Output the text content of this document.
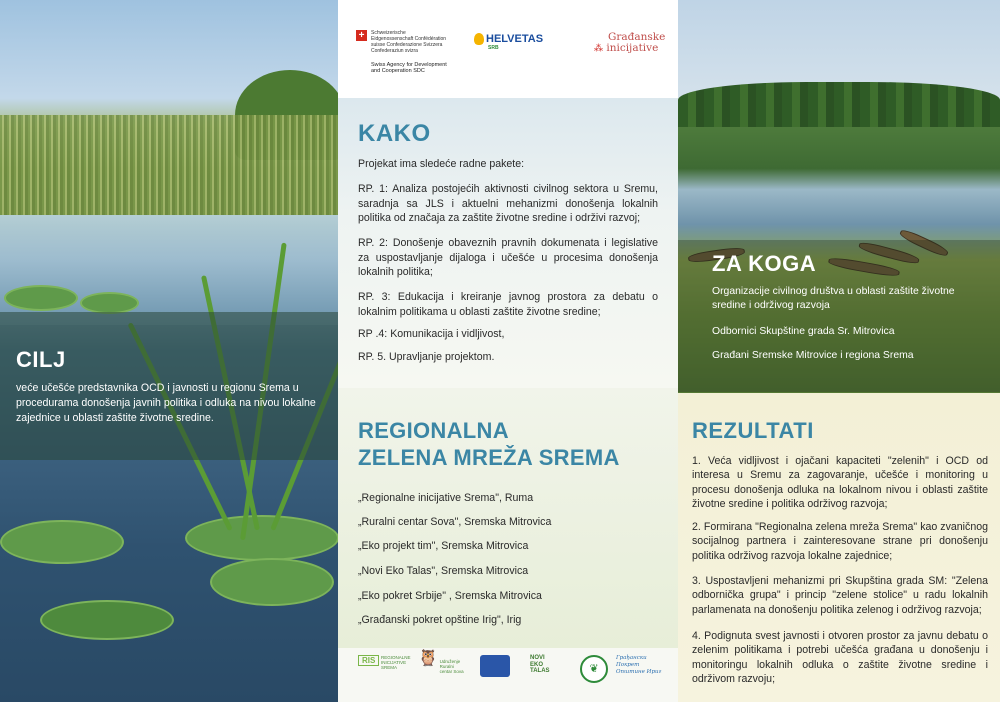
CILJ

veće učešće predstavnika OCD i javnosti u regionu Srema u procedurama donošenja javnih politika i odluka na nivou lokalne zajednice u oblasti zaštite životne sredine.

+ Schweizerische Eidgenossenschaft Confédération suisse Confederazione Svizzera Confederaziun svizra
Swiss Agency for Development and Cooperation SDC
HELVETAS
SRB
Građanske
⁂ inicijative
KAKO

Projekat ima sledeće radne pakete:

RP. 1: Analiza postojećih aktivnosti civilnog sektora u Sremu, saradnja sa JLS i aktuelni mehanizmi donošenja lokalnih politika od značaja za zaštite životne sredine i održivi razvoj;

RP. 2: Donošenje obaveznih pravnih dokumenata i legislative za uspostavljanje dijaloga i učešće u procesima donošenja lokalnih politika;

RP. 3: Edukacija i kreiranje javnog prostora za debatu o lokalnim politikama u oblasti zaštite životne sredine;

RP .4: Komunikacija i vidljivost,

RP. 5. Upravljanje projektom.

REGIONALNA
ZELENA MREŽA SREMA

„Regionalne inicijative Srema", Ruma

„Ruralni centar Sova", Sremska Mitrovica

„Eko projekt tim", Sremska Mitrovica

„Novi Eko Talas", Sremska Mitrovica

„Eko pokret Srbije" , Sremska Mitrovica

„Građanski pokret opštine Irig", Irig

RIS REGIONALNE INICIJATIVE SREMA
🦉 Udruženje Ruralni centar Sova
NOVI EKO TALAS	❦
Грађански Покрет Општине Ириг
ZA KOGA

Organizacije civilnog društva u oblasti zaštite životne sredine i održivog razvoja

Odbornici Skupštine grada Sr. Mitrovica

Građani Sremske Mitrovice i regiona Srema

REZULTATI

1. Veća vidljivost i ojačani kapaciteti "zelenih" i OCD od interesa u Sremu za zagovaranje, učešće i monitoring u procesu donošenja odluka na lokalnom nivou i oblasti zaštite životne sredine i politika održivog razvoja;

2. Formirana "Regionalna zelena mreža Srema" kao zvaničnog socijalnog partnera i zainteresovane strane pri donošenju politika održivog razvoja lokalne zajednice;

3. Uspostavljeni mehanizmi pri Skupština grada SM: "Zelena odbornička grupa" i princip "zelene stolice" u radu lokalnih parlamenata na donošenju politika zelenog i održivog razvoja;

4. Podignuta svest javnosti i otvoren prostor za javnu debatu o zelenim politikama i potrebi učešća građana u donošenju i monitoringu lokalnih odluka o zaštite životne sredine i održivom razvoju;
